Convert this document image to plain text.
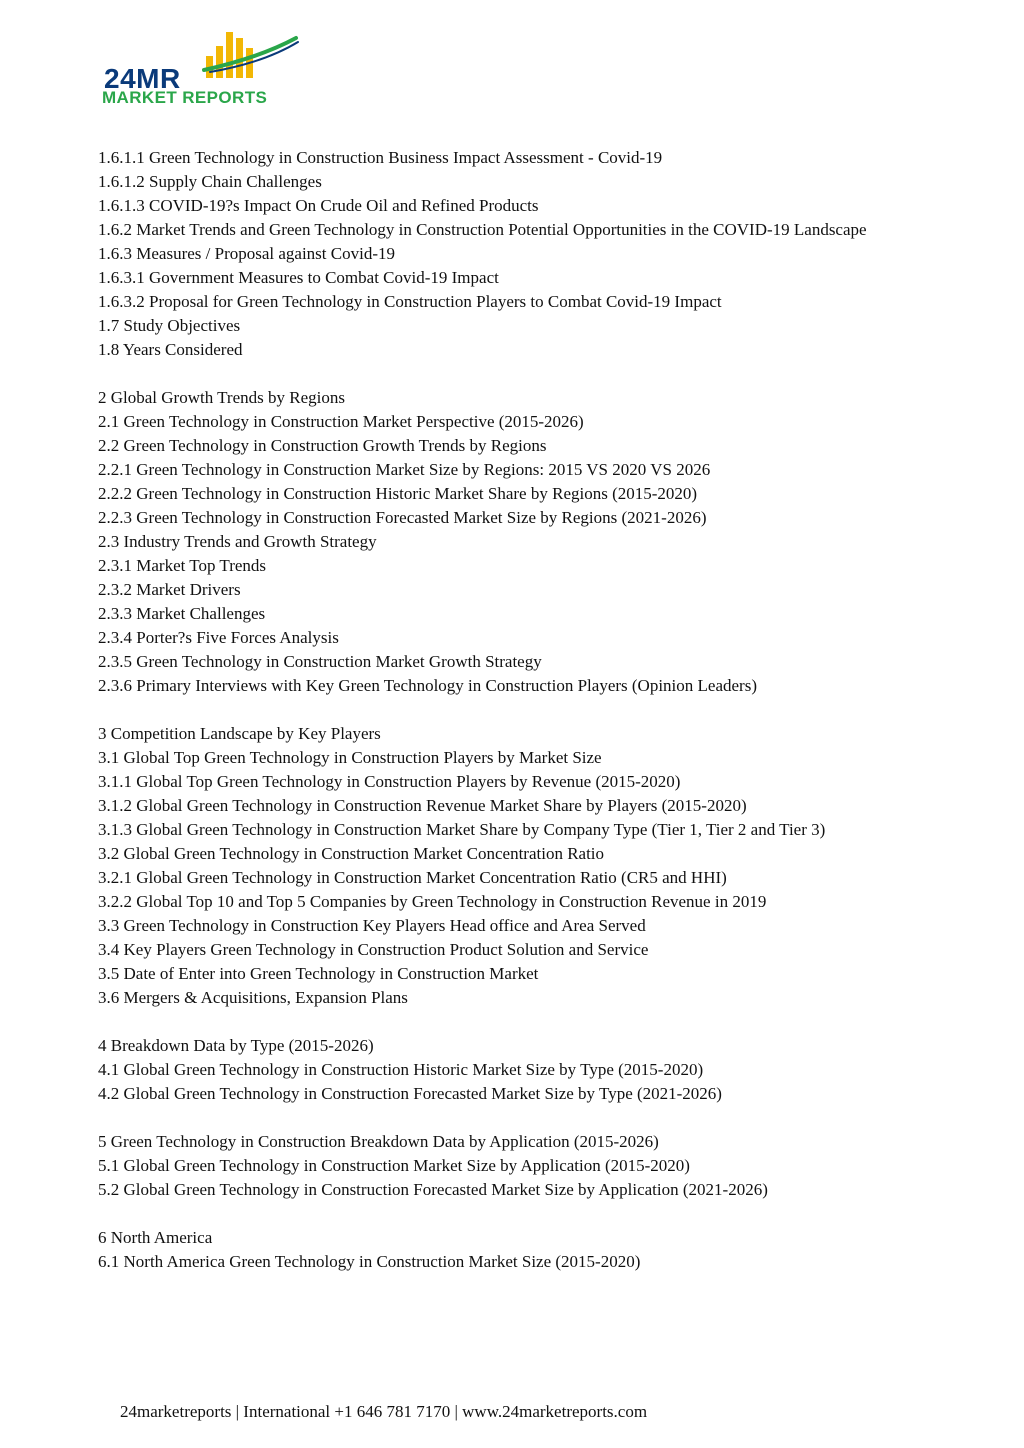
24MR
MARKET REPORTS
1.6.1.1 Green Technology in Construction Business Impact Assessment - Covid-19
1.6.1.2 Supply Chain Challenges
1.6.1.3 COVID-19?s Impact On Crude Oil and Refined Products
1.6.2 Market Trends and Green Technology in Construction Potential Opportunities in the COVID-19 Landscape
1.6.3 Measures / Proposal against Covid-19
1.6.3.1 Government Measures to Combat Covid-19 Impact
1.6.3.2 Proposal for Green Technology in Construction Players to Combat Covid-19 Impact
1.7 Study Objectives
1.8 Years Considered
2 Global Growth Trends by Regions
2.1 Green Technology in Construction Market Perspective (2015-2026)
2.2 Green Technology in Construction Growth Trends by Regions
2.2.1 Green Technology in Construction Market Size by Regions: 2015 VS 2020 VS 2026
2.2.2 Green Technology in Construction Historic Market Share by Regions (2015-2020)
2.2.3 Green Technology in Construction Forecasted Market Size by Regions (2021-2026)
2.3 Industry Trends and Growth Strategy
2.3.1 Market Top Trends
2.3.2 Market Drivers
2.3.3 Market Challenges
2.3.4 Porter?s Five Forces Analysis
2.3.5 Green Technology in Construction Market Growth Strategy
2.3.6 Primary Interviews with Key Green Technology in Construction Players (Opinion Leaders)
3 Competition Landscape by Key Players
3.1 Global Top Green Technology in Construction Players by Market Size
3.1.1 Global Top Green Technology in Construction Players by Revenue (2015-2020)
3.1.2 Global Green Technology in Construction Revenue Market Share by Players (2015-2020)
3.1.3 Global Green Technology in Construction Market Share by Company Type (Tier 1, Tier 2 and Tier 3)
3.2 Global Green Technology in Construction Market Concentration Ratio
3.2.1 Global Green Technology in Construction Market Concentration Ratio (CR5 and HHI)
3.2.2 Global Top 10 and Top 5 Companies by Green Technology in Construction Revenue in 2019
3.3 Green Technology in Construction Key Players Head office and Area Served
3.4 Key Players Green Technology in Construction Product Solution and Service
3.5 Date of Enter into Green Technology in Construction Market
3.6 Mergers & Acquisitions, Expansion Plans
4 Breakdown Data by Type (2015-2026)
4.1 Global Green Technology in Construction Historic Market Size by Type (2015-2020)
4.2 Global Green Technology in Construction Forecasted Market Size by Type (2021-2026)
5 Green Technology in Construction Breakdown Data by Application (2015-2026)
5.1 Global Green Technology in Construction Market Size by Application (2015-2020)
5.2 Global Green Technology in Construction Forecasted Market Size by Application (2021-2026)
6 North America
6.1 North America Green Technology in Construction Market Size (2015-2020)
24marketreports | International +1 646 781 7170 | www.24marketreports.com
